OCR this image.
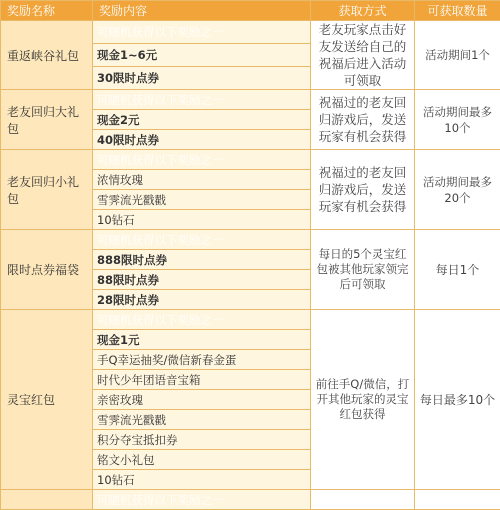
奖励名称	奖励内容	获取方式	可获取数量
重返峡谷礼包	可随机获得以下奖励之一	老友玩家点击好友发送给自己的祝福后进入活动可领取	活动期间1个
	现金1~6元		
	30限时点券		
老友回归大礼包	可随机获得以下奖励之一	祝福过的老友回归游戏后，发送玩家有机会获得	活动期间最多10个
	现金2元		
	40限时点券		
老友回归小礼包	可随机获得以下奖励之一	祝福过的老友回归游戏后，发送玩家有机会获得	活动期间最多20个
	浓情玫瑰		
	雪霁流光戳戳		
	10钻石		
限时点券福袋	可随机获得以下奖励之一	每日的5个灵宝红包被其他玩家领完后可领取	每日1个
	888限时点券		
	88限时点券		
	28限时点券		
灵宝红包	可随机获得以下奖励之一	前往手Q/微信，打开其他玩家的灵宝红包获得	每日最多10个
	现金1元		
	手Q幸运抽奖/微信新春金蛋		
	时代少年团语音宝箱		
	亲密玫瑰		
	雪霁流光戳戳		
	积分夺宝抵扣券		
	铭文小礼包		
	10钻石		
	可随机获得以下奖励之一		
